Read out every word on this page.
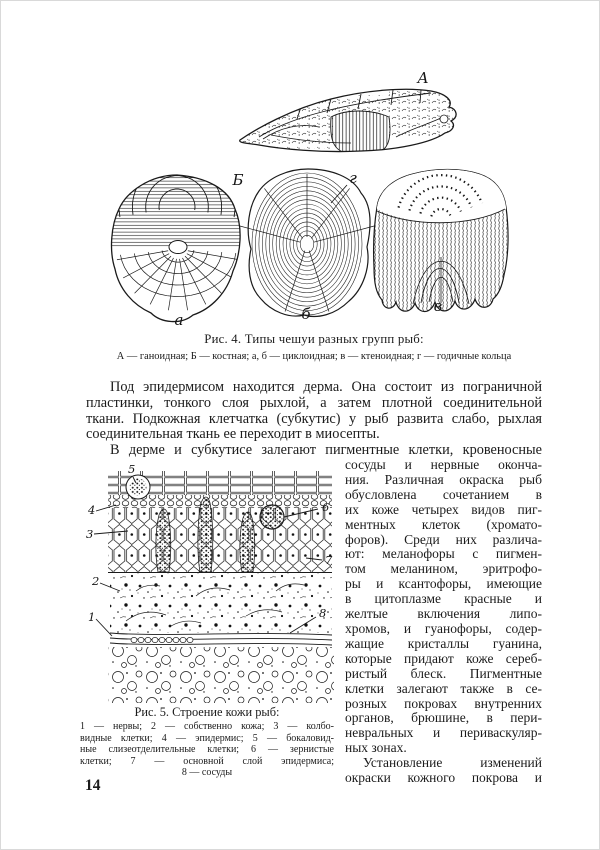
А
а
Б	г
б	в
Рис. 4. Типы чешуи разных групп рыб:
А — ганоидная; Б — костная; а, б — циклоидная; в — ктеноидная; г — годичные кольца
Под эпидермисом находится дерма. Она состоит из пограничной
пластинки, тонкого слоя рыхлой, а затем плотной соединительной
ткани. Подкожная клетчатка (субкутис) у рыб развита слабо, рыхлая
соединительная ткань ее переходит в миосепты.
В дерме и субкутисе залегают пигментные клетки, кровеносные
5
4
3
6
7
2
1	8
Рис. 5. Строение кожи рыб:
1 — нервы; 2 — собственно кожа; 3 — колбо-
видные клетки; 4 — эпидермис; 5 — бокаловид-
ные слизеотделительные клетки; 6 — зернистые
клетки; 7 — основной слой эпидермиса;
8 — сосуды
сосуды и нервные оконча-
ния. Различная окраска рыб
обусловлена сочетанием в
их коже четырех видов пиг-
ментных клеток (хромато-
форов). Среди них различа-
ют: меланофоры с пигмен-
том меланином, эритрофо-
ры и ксантофоры, имеющие
в цитоплазме красные и
желтые включения липо-
хромов, и гуанофоры, содер-
жащие кристаллы гуанина,
которые придают коже сереб-
ристый блеск. Пигментные
клетки залегают также в се-
розных покровах внутренних
органов, брюшине, в пери-
невральных и периваскуляр-
ных зонах.
Установление изменений
окраски кожного покрова и
14
